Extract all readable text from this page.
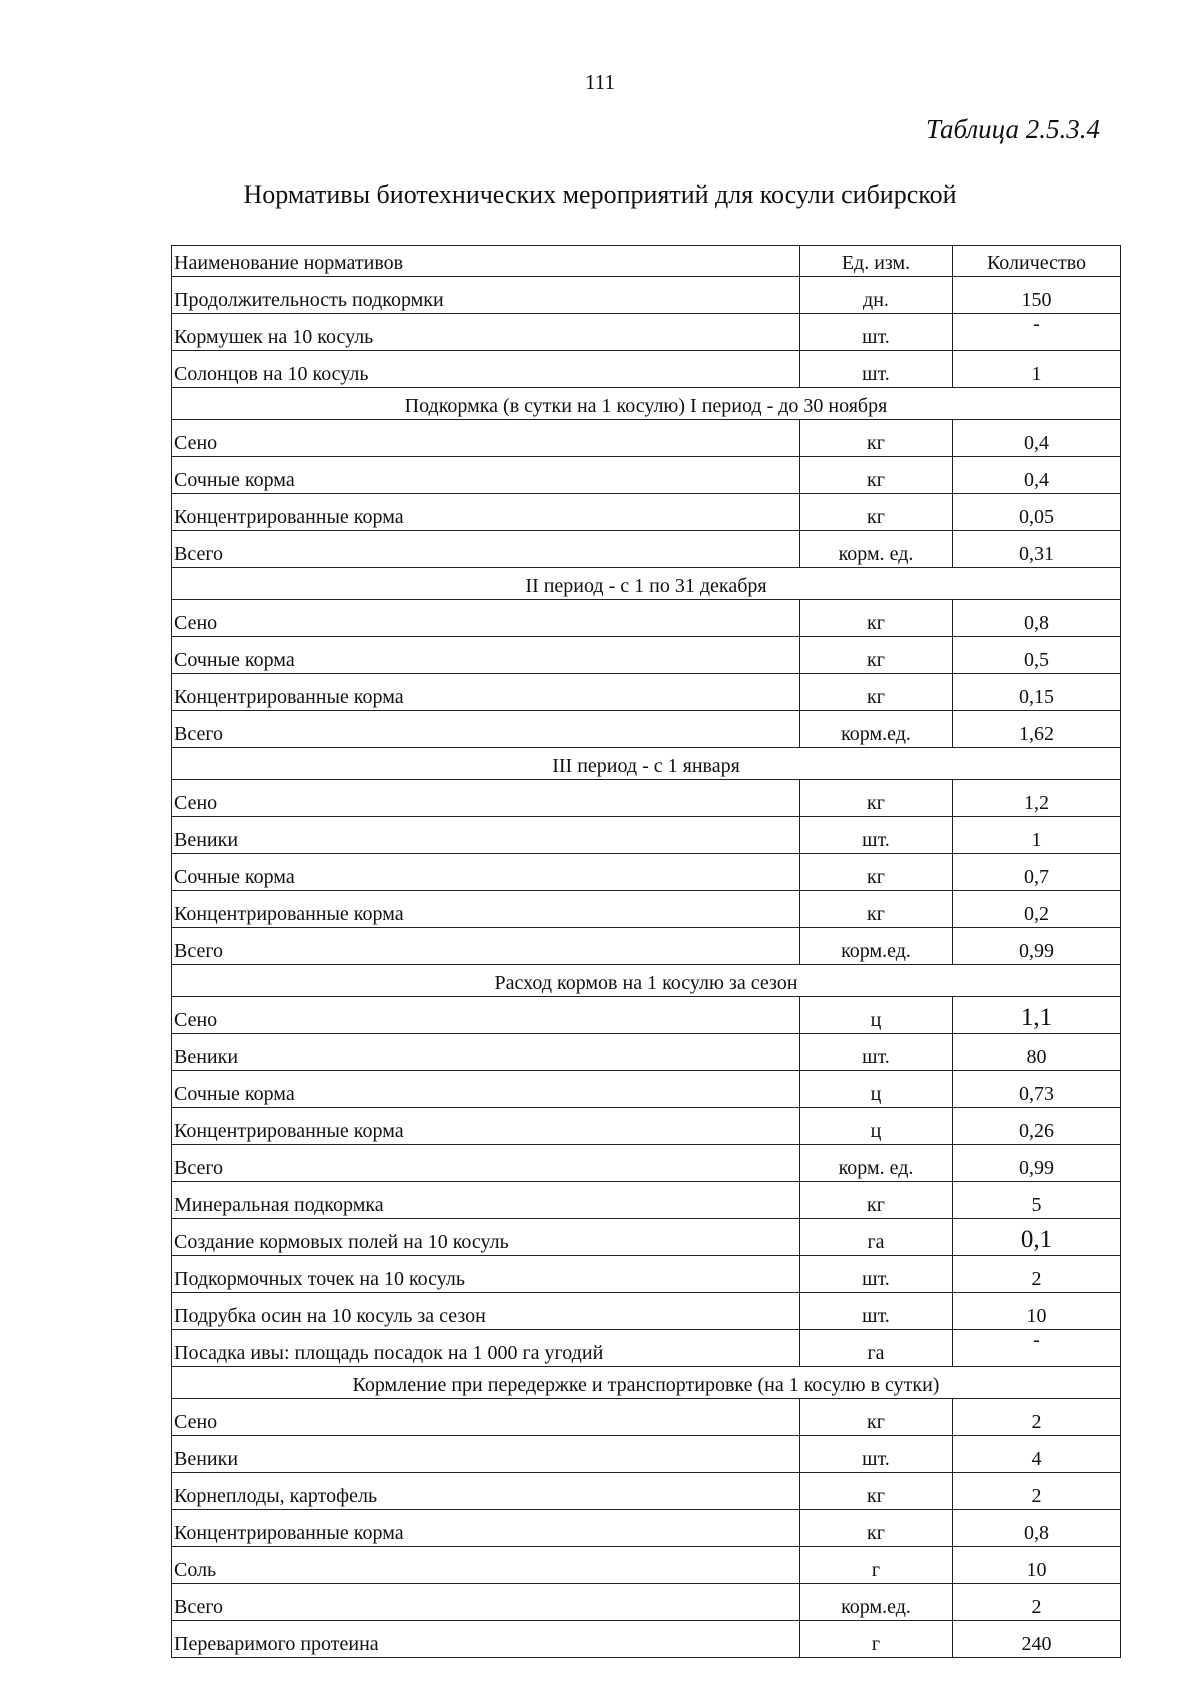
111
Таблица 2.5.3.4
Нормативы биотехнических мероприятий для косули сибирской
Наименование нормативов	Ед. изм.	Количество
Продолжительность подкормки	дн.	150
Кормушек на 10 косуль	шт.	-
Солонцов на 10 косуль	шт.	1
Подкормка (в сутки на 1 косулю) I период - до 30 ноября		
Сено	кг	0,4
Сочные корма	кг	0,4
Концентрированные корма	кг	0,05
Всего	корм. ед.	0,31
II период - с 1 по 31 декабря		
Сено	кг	0,8
Сочные корма	кг	0,5
Концентрированные корма	кг	0,15
Всего	корм.ед.	1,62
III период - с 1 января		
Сено	кг	1,2
Веники	шт.	1
Сочные корма	кг	0,7
Концентрированные корма	кг	0,2
Всего	корм.ед.	0,99
Расход кормов на 1 косулю за сезон		
Сено	ц	1,1
Веники	шт.	80
Сочные корма	ц	0,73
Концентрированные корма	ц	0,26
Всего	корм. ед.	0,99
Минеральная подкормка	кг	5
Создание кормовых полей на 10 косуль	га	0,1
Подкормочных точек на 10 косуль	шт.	2
Подрубка осин на 10 косуль за сезон	шт.	10
Посадка ивы: площадь посадок на 1 000 га угодий	га	-
Кормление при передержке и транспортировке (на 1 косулю в сутки)		
Сено	кг	2
Веники	шт.	4
Корнеплоды, картофель	кг	2
Концентрированные корма	кг	0,8
Соль	г	10
Всего	корм.ед.	2
Переваримого протеина	г	240
